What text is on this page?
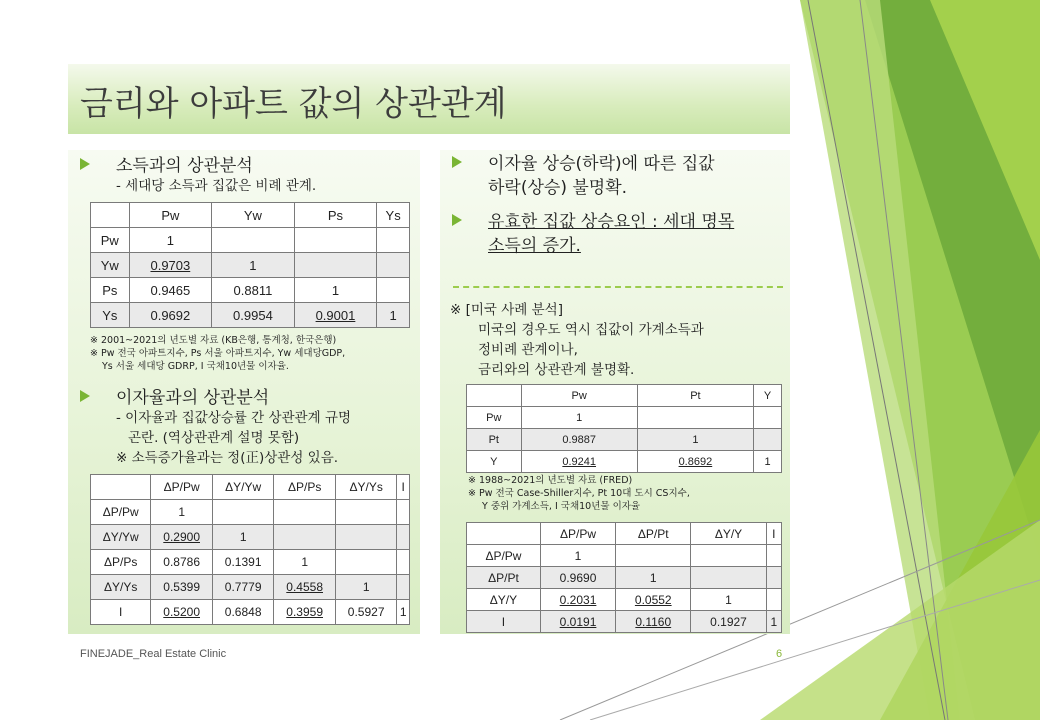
금리와 아파트 값의 상관관계
소득과의 상관분석
- 세대당 소득과 집값은 비례 관계.
	Pw	Yw	Ps	Ys
Pw	1			
Yw	0.9703	1		
Ps	0.9465	0.8811	1	
Ys	0.9692	0.9954	0.9001	1
※ 2001~2021의 년도별 자료 (KB은행, 통계청, 한국은행)
※ Pw 전국 아파트지수, Ps 서울 아파트지수, Yw 세대당GDP,
Ys 서울 세대당 GDRP, I 국채10년물 이자율.
이자율과의 상관분석
- 이자율과 집값상승률 간 상관관계 규명
곤란. (역상관관계 설명 못함)
※ 소득증가율과는 정(正)상관성 있음.
	ΔP/Pw	ΔY/Yw	ΔP/Ps	ΔY/Ys	I
ΔP/Pw	1				
ΔY/Yw	0.2900	1			
ΔP/Ps	0.8786	0.1391	1		
ΔY/Ys	0.5399	0.7779	0.4558	1	
I	0.5200	0.6848	0.3959	0.5927	1
이자율 상승(하락)에 따른 집값
하락(상승) 불명확.
유효한 집값 상승요인 : 세대 명목
소득의 증가.
※ [미국 사례 분석]
미국의 경우도 역시 집값이 가계소득과
정비례 관계이나,
금리와의 상관관계 불명확.
	Pw	Pt	Y
Pw	1		
Pt	0.9887	1	
Y	0.9241	0.8692	1
※ 1988~2021의 년도별 자료 (FRED)
※ Pw 전국 Case-Shiller지수, Pt 10대 도시 CS지수,
Y 중위 가계소득, I 국채10년물 이자율
	ΔP/Pw	ΔP/Pt	ΔY/Y	I
ΔP/Pw	1			
ΔP/Pt	0.9690	1		
ΔY/Y	0.2031	0.0552	1	
I	0.0191	0.1160	0.1927	1
FINEJADE_Real Estate Clinic	6
